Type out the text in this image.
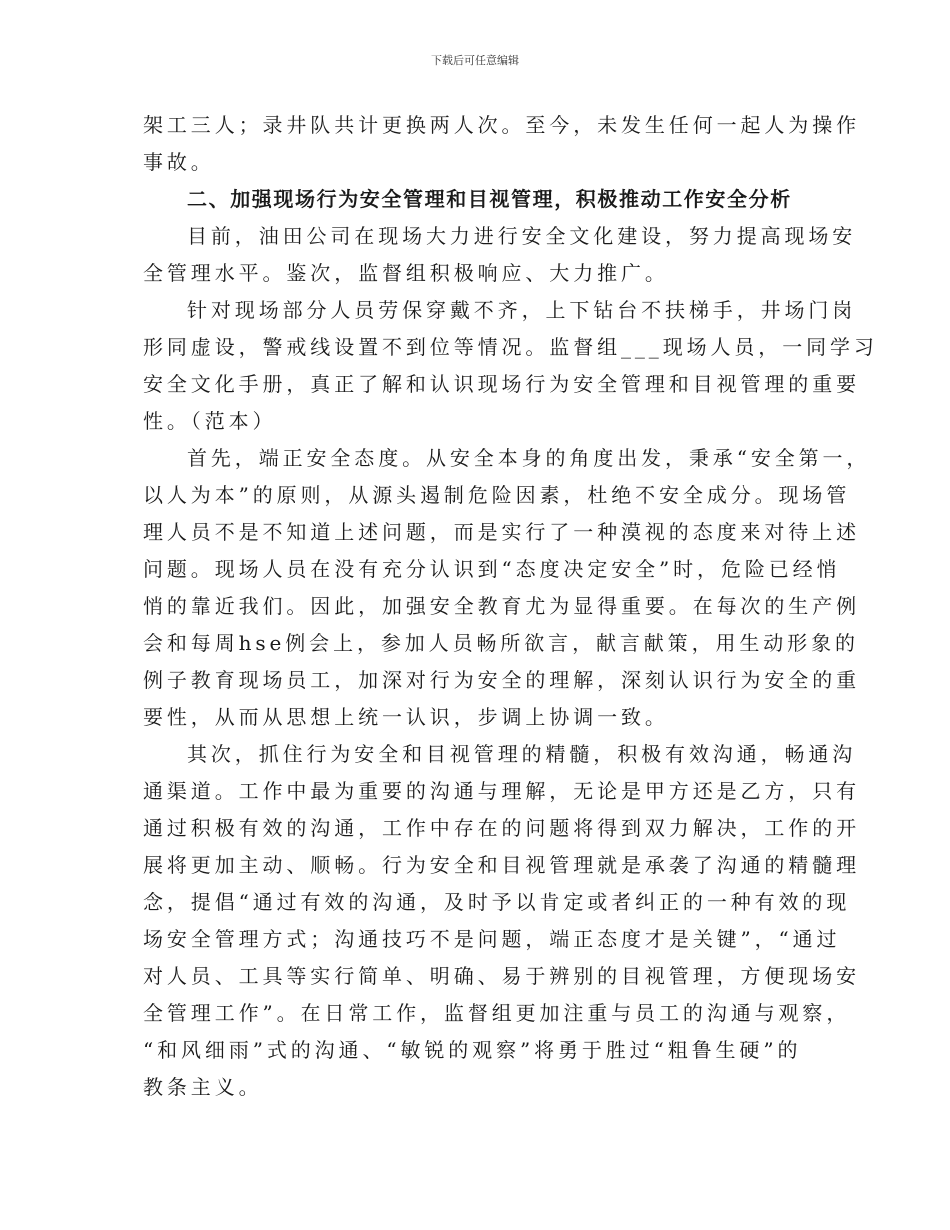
下载后可任意编辑
架工三人；录井队共计更换两人次。至今，未发生任何一起人为操作
事故。
二、加强现场行为安全管理和目视管理，积极推动工作安全分析
目前，油田公司在现场大力进行安全文化建设，努力提高现场安
全管理水平。鉴次，监督组积极响应、大力推广。
针对现场部分人员劳保穿戴不齐，上下钻台不扶梯手，井场门岗
形同虚设，警戒线设置不到位等情况。监督组___现场人员，一同学习
安全文化手册，真正了解和认识现场行为安全管理和目视管理的重要
性。（范本）
首先，端正安全态度。从安全本身的角度出发，秉承“安全第一，
以人为本”的原则，从源头遏制危险因素，杜绝不安全成分。现场管
理人员不是不知道上述问题，而是实行了一种漠视的态度来对待上述
问题。现场人员在没有充分认识到“态度决定安全”时，危险已经悄
悄的靠近我们。因此，加强安全教育尤为显得重要。在每次的生产例
会和每周hse例会上，参加人员畅所欲言，献言献策，用生动形象的
例子教育现场员工，加深对行为安全的理解，深刻认识行为安全的重
要性，从而从思想上统一认识，步调上协调一致。
其次，抓住行为安全和目视管理的精髓，积极有效沟通，畅通沟
通渠道。工作中最为重要的沟通与理解，无论是甲方还是乙方，只有
通过积极有效的沟通，工作中存在的问题将得到双力解决，工作的开
展将更加主动、顺畅。行为安全和目视管理就是承袭了沟通的精髓理
念，提倡“通过有效的沟通，及时予以肯定或者纠正的一种有效的现
场安全管理方式；沟通技巧不是问题，端正态度才是关键”，“通过
对人员、工具等实行简单、明确、易于辨别的目视管理，方便现场安
全管理工作”。在日常工作，监督组更加注重与员工的沟通与观察，
“和风细雨”式的沟通、“敏锐的观察”将勇于胜过“粗鲁生硬”的
教条主义。
